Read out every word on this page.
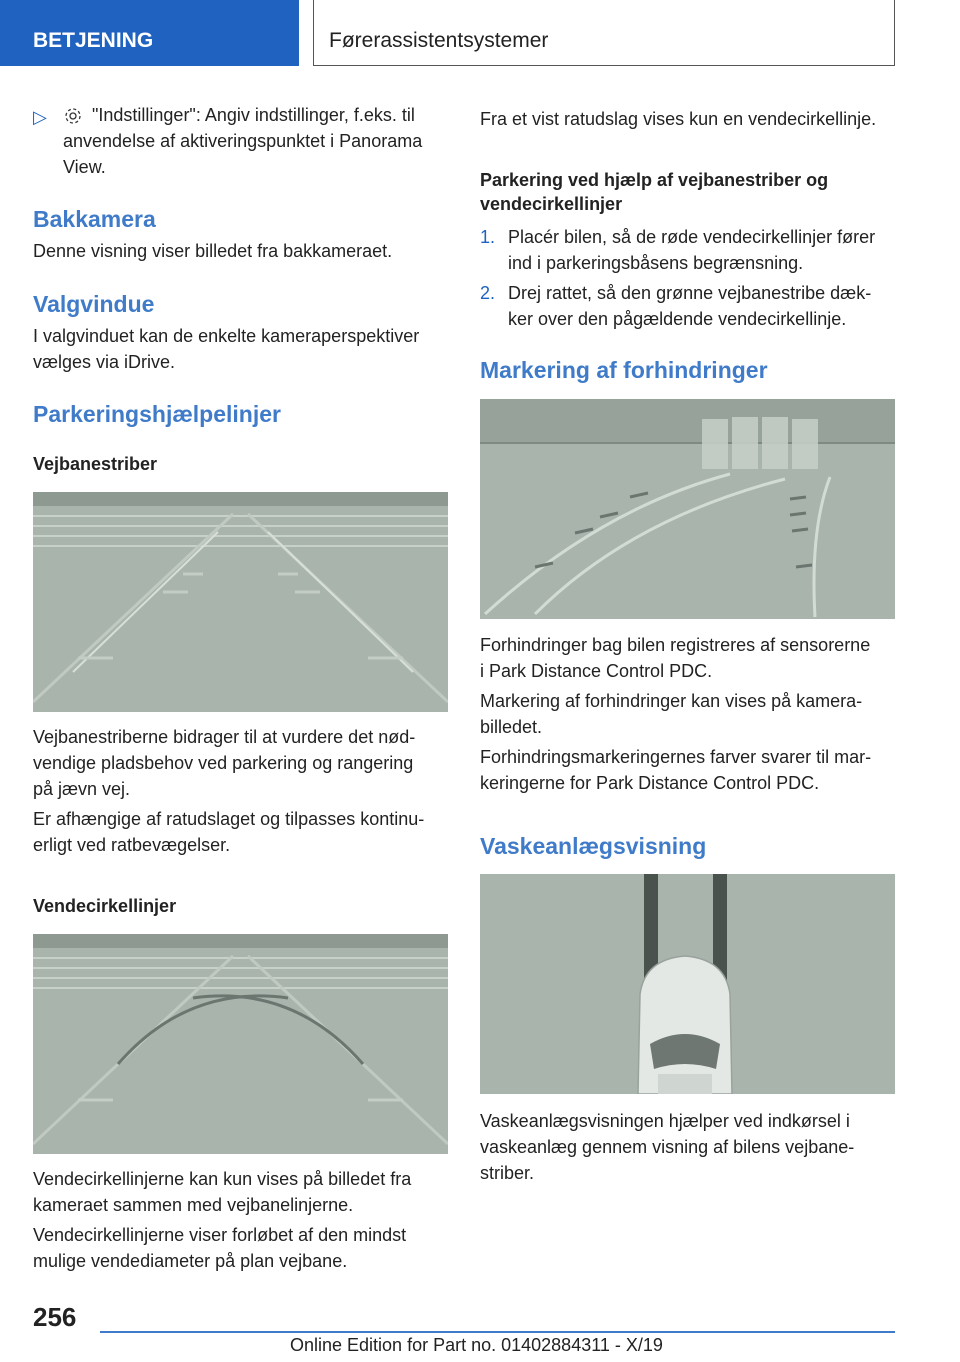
BETJENING	Førerassistentsystemer
▷	"Indstillinger": Angiv indstillinger, f.eks. til
anvendelse af aktiveringspunktet i Panorama
View.
Bakkamera
Denne visning viser billedet fra bakkameraet.
Valgvindue
I valgvinduet kan de enkelte kameraperspektiver
vælges via iDrive.
Parkeringshjælpelinjer
Vejbanestriber
Vejbanestriberne bidrager til at vurdere det nød-
vendige pladsbehov ved parkering og rangering
på jævn vej.
Er afhængige af ratudslaget og tilpasses kontinu-
erligt ved ratbevægelser.
Vendecirkellinjer
Vendecirkellinjerne kan kun vises på billedet fra
kameraet sammen med vejbanelinjerne.
Vendecirkellinjerne viser forløbet af den mindst
mulige vendediameter på plan vejbane.
Fra et vist ratudslag vises kun en vendecirkellinje.
Parkering ved hjælp af vejbanestriber og
vendecirkellinjer
1. Placér bilen, så de røde vendecirkellinjer fører
ind i parkeringsbåsens begrænsning.
2. Drej rattet, så den grønne vejbanestribe dæk-
ker over den pågældende vendecirkellinje.
Markering af forhindringer
Forhindringer bag bilen registreres af sensorerne
i Park Distance Control PDC.
Markering af forhindringer kan vises på kamera-
billedet.
Forhindringsmarkeringernes farver svarer til mar-
keringerne for Park Distance Control PDC.
Vaskeanlægsvisning
Vaskeanlægsvisningen hjælper ved indkørsel i
vaskeanlæg gennem visning af bilens vejbane-
striber.
256
Online Edition for Part no. 01402884311 - X/19
